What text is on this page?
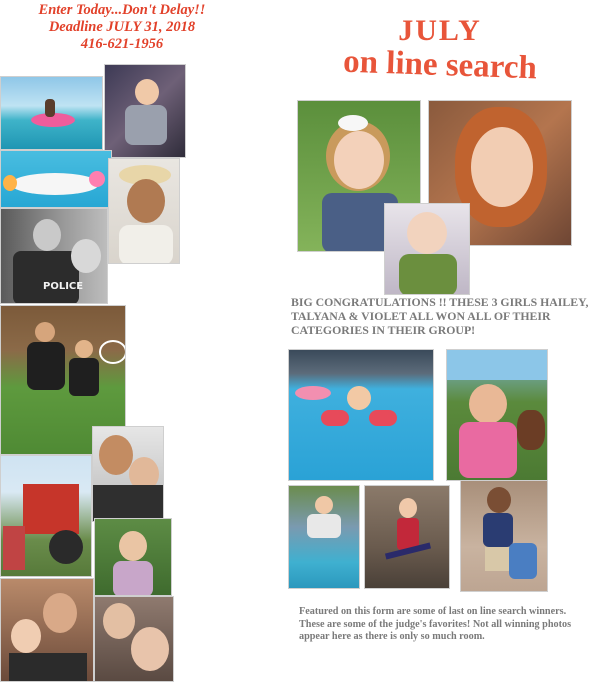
Enter Today...Don't Delay!!
Deadline JULY 31, 2018
416-621-1956
POLICE
JULY
on line search
BIG CONGRATULATIONS !! THESE 3 GIRLS HAILEY, TALYANA & VIOLET ALL WON ALL OF THEIR CATEGORIES IN THEIR GROUP!
Featured on this form are some of last on line search winners. These are some of the judge's favorites! Not all winning photos appear here as there is only so much room.
